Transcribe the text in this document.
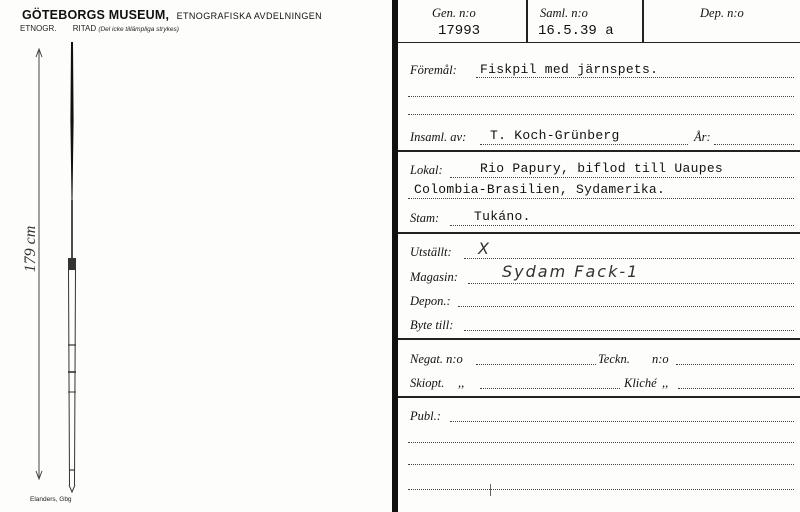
GÖTEBORGS MUSEUM, ETNOGRAFISKA AVDELNINGEN
ETNOGR. RITAD (Del icke tillämpliga strykes)
179 cm
Elanders, Gbg
Gen. n:o
17993
Saml. n:o
16.5.39 a
Dep. n:o
Föremål: Fiskpil med järnspets.
Insaml. av: T. Koch-Grünberg	År:
Lokal:	Rio Papury, biflod till Uaupes
Colombia-Brasilien, Sydamerika.
Stam:	Tukáno.
Utställt: X
Magasin:	Sydam Fack-1
Depon.:
Byte till:
Negat. n:o	Teckn. n:o
Skiopt. ,,	Kliché ,,
Publ.:
